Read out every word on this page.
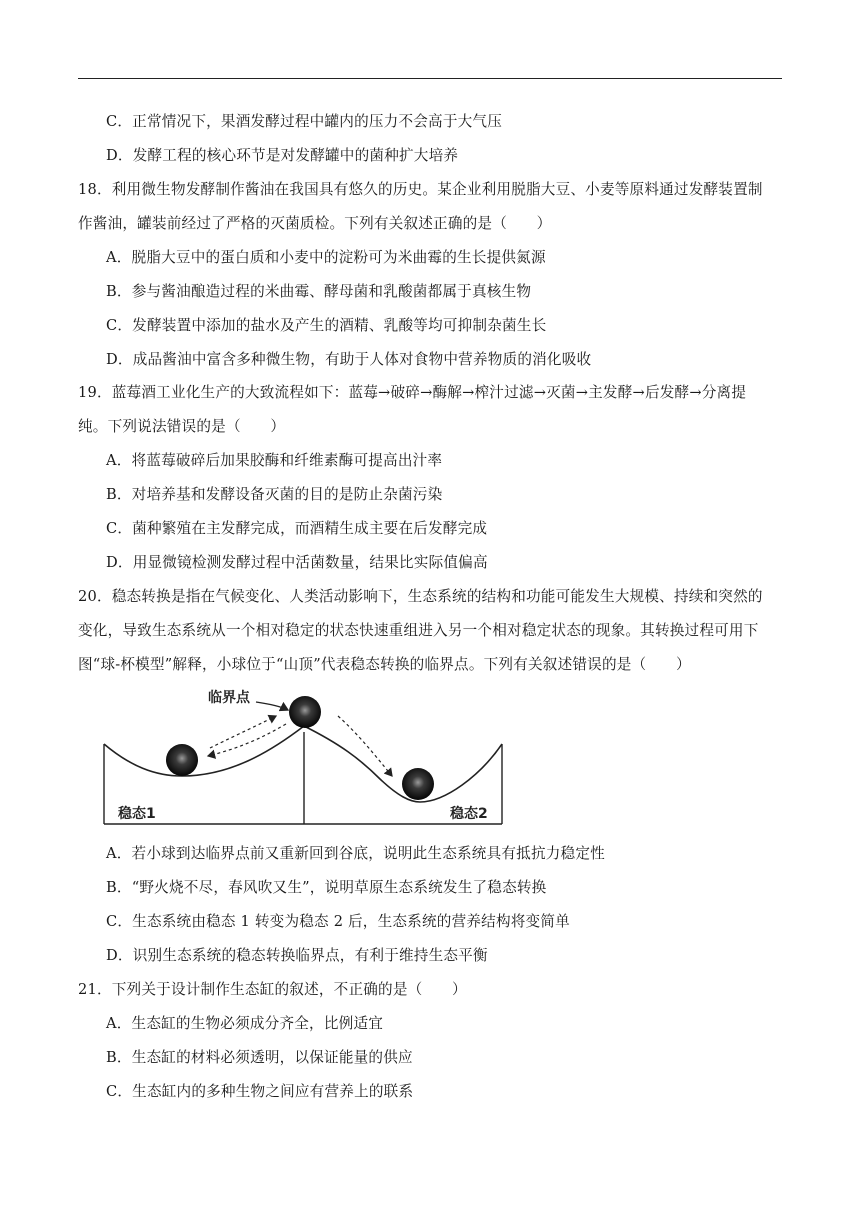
C．正常情况下，果酒发酵过程中罐内的压力不会高于大气压
D．发酵工程的核心环节是对发酵罐中的菌种扩大培养
18．利用微生物发酵制作酱油在我国具有悠久的历史。某企业利用脱脂大豆、小麦等原料通过发酵装置制
作酱油，罐装前经过了严格的灭菌质检。下列有关叙述正确的是（　　）
A．脱脂大豆中的蛋白质和小麦中的淀粉可为米曲霉的生长提供氮源
B．参与酱油酿造过程的米曲霉、酵母菌和乳酸菌都属于真核生物
C．发酵装置中添加的盐水及产生的酒精、乳酸等均可抑制杂菌生长
D．成品酱油中富含多种微生物，有助于人体对食物中营养物质的消化吸收
19．蓝莓酒工业化生产的大致流程如下：蓝莓→破碎→酶解→榨汁过滤→灭菌→主发酵→后发酵→分离提
纯。下列说法错误的是（　　）
A．将蓝莓破碎后加果胶酶和纤维素酶可提高出汁率
B．对培养基和发酵设备灭菌的目的是防止杂菌污染
C．菌种繁殖在主发酵完成，而酒精生成主要在后发酵完成
D．用显微镜检测发酵过程中活菌数量，结果比实际值偏高
20．稳态转换是指在气候变化、人类活动影响下，生态系统的结构和功能可能发生大规模、持续和突然的
变化，导致生态系统从一个相对稳定的状态快速重组进入另一个相对稳定状态的现象。其转换过程可用下
图“球-杯模型”解释，小球位于“山顶”代表稳态转换的临界点。下列有关叙述错误的是（　　）
临界点
稳态1	稳态2
A．若小球到达临界点前又重新回到谷底，说明此生态系统具有抵抗力稳定性
B．“野火烧不尽，春风吹又生”，说明草原生态系统发生了稳态转换
C．生态系统由稳态 1 转变为稳态 2 后，生态系统的营养结构将变简单
D．识别生态系统的稳态转换临界点，有利于维持生态平衡
21．下列关于设计制作生态缸的叙述，不正确的是（　　）
A．生态缸的生物必须成分齐全，比例适宜
B．生态缸的材料必须透明，以保证能量的供应
C．生态缸内的多种生物之间应有营养上的联系
